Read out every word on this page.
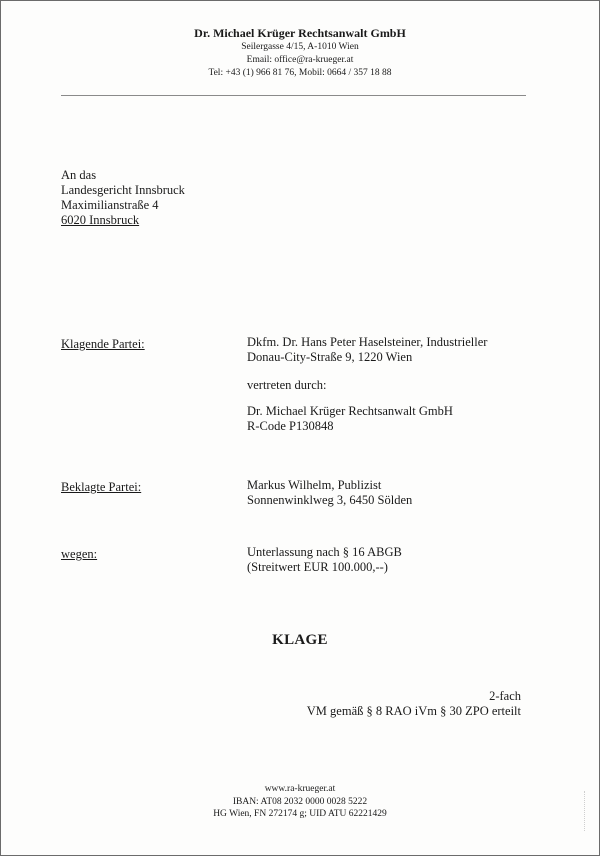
Dr. Michael Krüger Rechtsanwalt GmbH
Seilergasse 4/15, A-1010 Wien
Email: office@ra-krueger.at
Tel: +43 (1) 966 81 76, Mobil: 0664 / 357 18 88
An das
Landesgericht Innsbruck
Maximilianstraße 4
6020 Innsbruck
Klagende Partei:	Dkfm. Dr. Hans Peter Haselsteiner, Industrieller
Donau-City-Straße 9, 1220 Wien
vertreten durch:
Dr. Michael Krüger Rechtsanwalt GmbH
R-Code P130848
Beklagte Partei:	Markus Wilhelm, Publizist
Sonnenwinklweg 3, 6450 Sölden
wegen:	Unterlassung nach § 16 ABGB
(Streitwert EUR 100.000,--)
KLAGE
2-fach
VM gemäß § 8 RAO iVm § 30 ZPO erteilt
www.ra-krueger.at
IBAN: AT08 2032 0000 0028 5222
HG Wien, FN 272174 g; UID ATU 62221429
